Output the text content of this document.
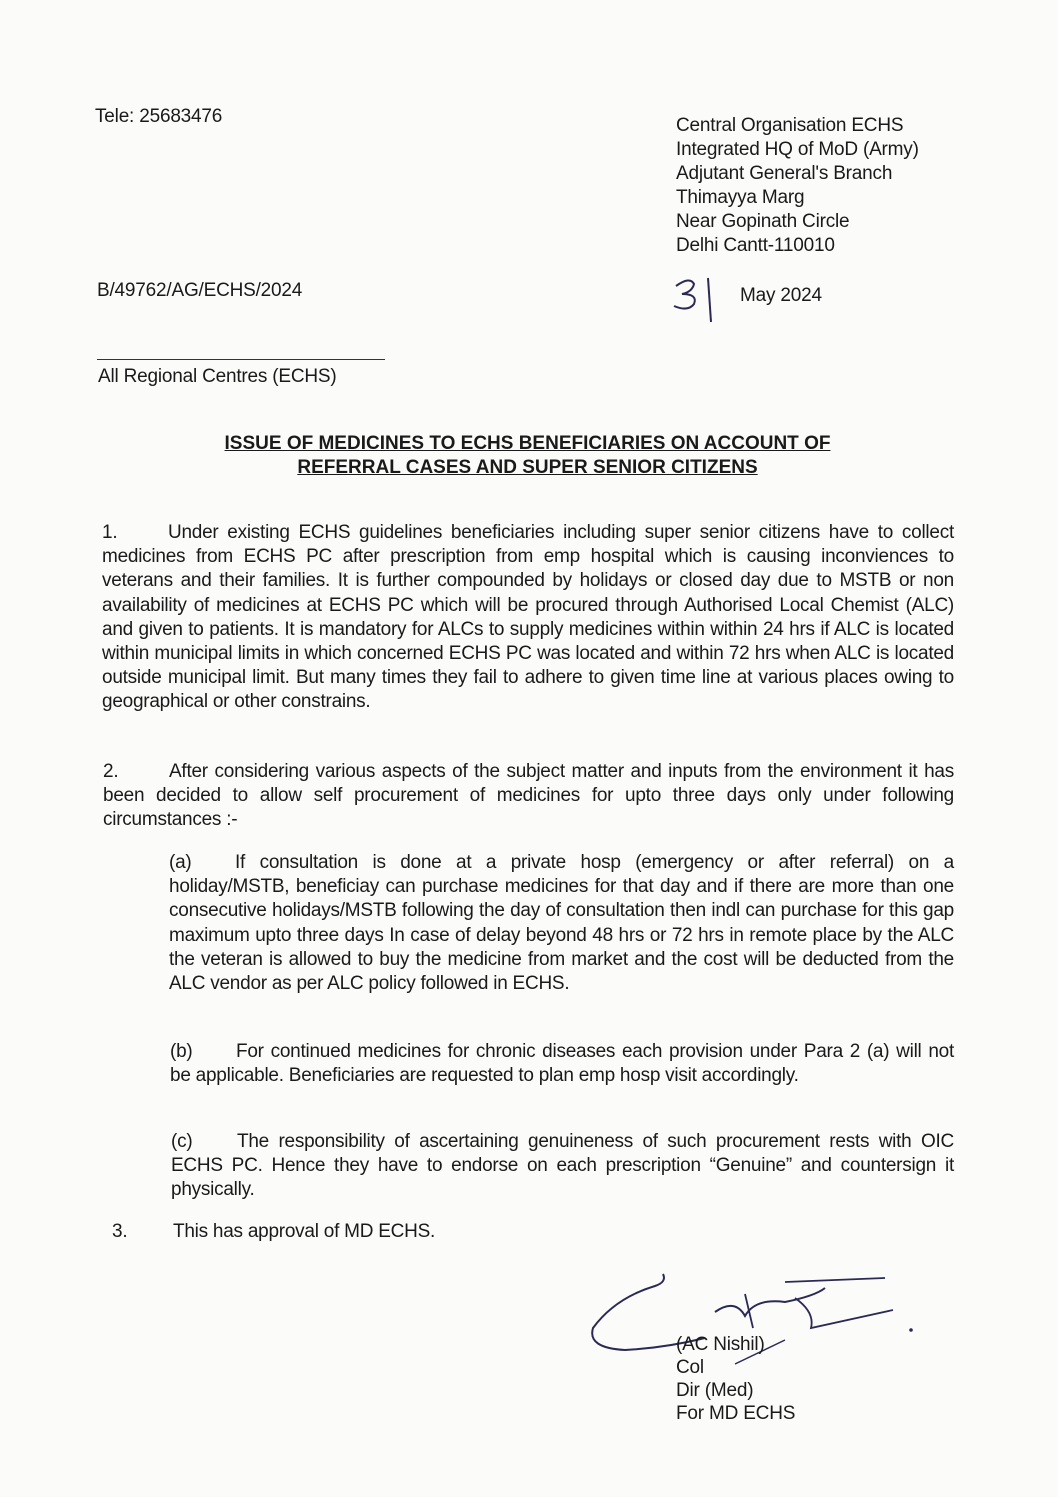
Tele: 25683476	Central Organisation ECHS
Integrated HQ of MoD (Army)
Adjutant General's Branch
Thimayya Marg
Near Gopinath Circle
Delhi Cantt-110010
B/49762/AG/ECHS/2024	May 2024
All Regional Centres (ECHS)
ISSUE OF MEDICINES TO ECHS BENEFICIARIES ON ACCOUNT OF
REFERRAL CASES AND SUPER SENIOR CITIZENS
1.	Under existing ECHS guidelines beneficiaries including super senior citizens have to collect medicines from ECHS PC after prescription from emp hospital which is causing inconviences to veterans and their families. It is further compounded by holidays or closed day due to MSTB or non availability of medicines at ECHS PC which will be procured through Authorised Local Chemist (ALC) and given to patients. It is mandatory for ALCs to supply medicines within within 24 hrs if ALC is located within municipal limits in which concerned ECHS PC was located and within 72 hrs when ALC is located outside municipal limit. But many times they fail to adhere to given time line at various places owing to geographical or other constrains.
2.	After considering various aspects of the subject matter and inputs from the environment it has been decided to allow self procurement of medicines for upto three days only under following circumstances :-
(a) If consultation is done at a private hosp (emergency or after referral) on a holiday/MSTB, beneficiay can purchase medicines for that day and if there are more than one consecutive holidays/MSTB following the day of consultation then indl can purchase for this gap maximum upto three days In case of delay beyond 48 hrs or 72 hrs in remote place by the ALC the veteran is allowed to buy the medicine from market and the cost will be deducted from the ALC vendor as per ALC policy followed in ECHS.
(b) For continued medicines for chronic diseases each provision under Para 2 (a) will not be applicable. Beneficiaries are requested to plan emp hosp visit accordingly.
(c) The responsibility of ascertaining genuineness of such procurement rests with OIC ECHS PC. Hence they have to endorse on each prescription “Genuine” and countersign it physically.
3. This has approval of MD ECHS.
(AC Nishil)
Col
Dir (Med)
For MD ECHS
